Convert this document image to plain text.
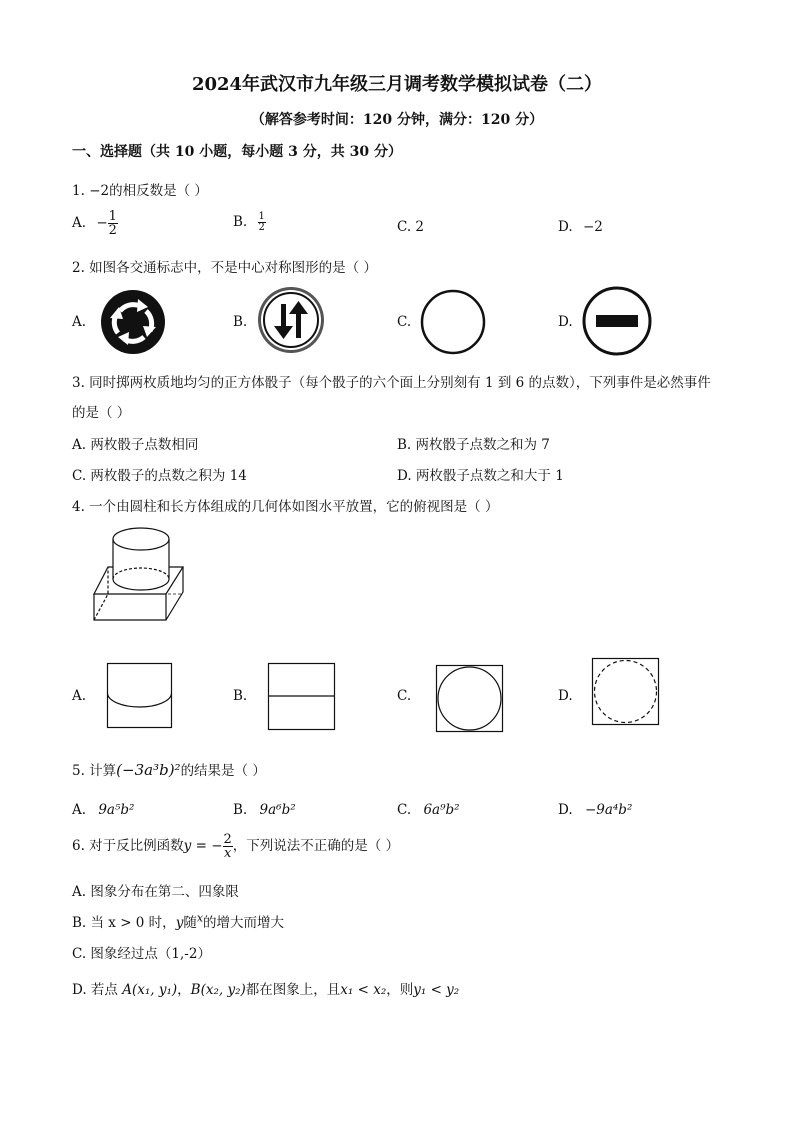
2024年武汉市九年级三月调考数学模拟试卷（二）
（解答参考时间：120 分钟，满分：120 分）
一、选择题（共 10 小题，每小题 3 分，共 30 分）
1. −2的相反数是（ ）
A. − $\frac{1}{2}$	B. $\frac{1}{2}$	C. 2	D. −2
2. 如图各交通标志中，不是中心对称图形的是（ ）
A.	B.	C.	D.
3. 同时掷两枚质地均匀的正方体骰子（每个骰子的六个面上分别刻有 1 到 6 的点数），下列事件是必然事件
的是（ ）
A. 两枚骰子点数相同	B. 两枚骰子点数之和为 7
C. 两枚骰子的点数之积为 14	D. 两枚骰子点数之和大于 1
4. 一个由圆柱和长方体组成的几何体如图水平放置，它的俯视图是（ ）
A.	B.	C.	D.
5. 计算(−3a³b)²的结果是（ ）
A. 9a⁵b²	B. 9a⁶b²	C. 6a⁹b²	D. −9a⁴b²
6. 对于反比例函数y = − $\frac{2}{x}$ ，下列说法不正确的是（ ）
A. 图象分布在第二、四象限
B. 当 x > 0 时，y随$^x$的增大而增大
C. 图象经过点（1,-2）
D. 若点 A(x₁, y₁)，B(x₂, y₂)都在图象上，且x₁ < x₂，则y₁ < y₂
